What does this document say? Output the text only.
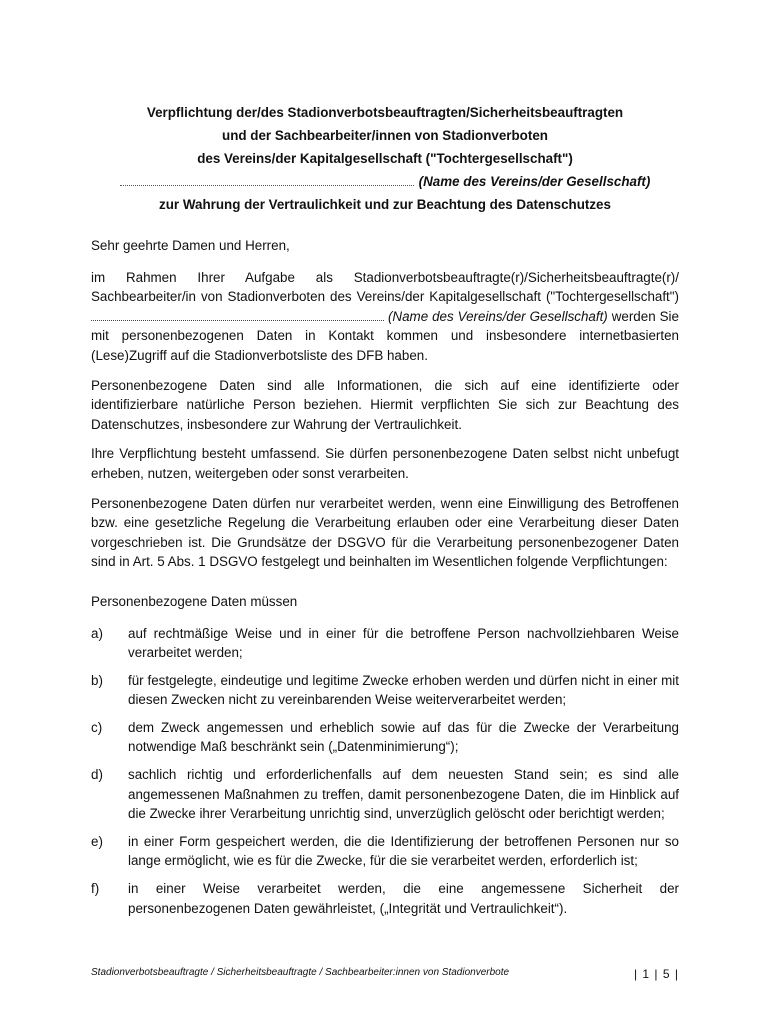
Verpflichtung der/des Stadionverbotsbeauftragten/Sicherheitsbeauftragten
und der Sachbearbeiter/innen von Stadionverboten
des Vereins/der Kapitalgesellschaft ("Tochtergesellschaft")
(Name des Vereins/der Gesellschaft)
zur Wahrung der Vertraulichkeit und zur Beachtung des Datenschutzes

Sehr geehrte Damen und Herren,

im Rahmen Ihrer Aufgabe als Stadionverbotsbeauftragte(r)/Sicherheitsbeauftragte(r)/ Sachbearbeiter/in von Stadionverboten des Vereins/der Kapitalgesellschaft ("Tochtergesellschaft")  (Name des Vereins/der Gesellschaft) werden Sie mit personenbezogenen Daten in Kontakt kommen und insbesondere internetbasierten (Lese)Zugriff auf die Stadionverbotsliste des DFB haben.

Personenbezogene Daten sind alle Informationen, die sich auf eine identifizierte oder identifizierbare natürliche Person beziehen. Hiermit verpflichten Sie sich zur Beachtung des Datenschutzes, insbesondere zur Wahrung der Vertraulichkeit.

Ihre Verpflichtung besteht umfassend. Sie dürfen personenbezogene Daten selbst nicht unbefugt erheben, nutzen, weitergeben oder sonst verarbeiten.

Personenbezogene Daten dürfen nur verarbeitet werden, wenn eine Einwilligung des Betroffenen bzw. eine gesetzliche Regelung die Verarbeitung erlauben oder eine Verarbeitung dieser Daten vorgeschrieben ist. Die Grundsätze der DSGVO für die Verarbeitung personenbezogener Daten sind in Art. 5 Abs. 1 DSGVO festgelegt und beinhalten im Wesentlichen folgende Verpflichtungen:

Personenbezogene Daten müssen

a)	auf rechtmäßige Weise und in einer für die betroffene Person nachvollziehbaren Weise verarbeitet werden;
b)	für festgelegte, eindeutige und legitime Zwecke erhoben werden und dürfen nicht in einer mit diesen Zwecken nicht zu vereinbarenden Weise weiterverarbeitet werden;
c)	dem Zweck angemessen und erheblich sowie auf das für die Zwecke der Verarbeitung notwendige Maß beschränkt sein („Datenminimierung“);
d)	sachlich richtig und erforderlichenfalls auf dem neuesten Stand sein; es sind alle angemessenen Maßnahmen zu treffen, damit personenbezogene Daten, die im Hinblick auf die Zwecke ihrer Verarbeitung unrichtig sind, unverzüglich gelöscht oder berichtigt werden;
e)	in einer Form gespeichert werden, die die Identifizierung der betroffenen Personen nur so lange ermöglicht, wie es für die Zwecke, für die sie verarbeitet werden, erforderlich ist;
f)	in einer Weise verarbeitet werden, die eine angemessene Sicherheit der personenbezogenen Daten gewährleistet, („Integrität und Vertraulichkeit“).
Stadionverbotsbeauftragte / Sicherheitsbeauftragte / Sachbearbeiter:innen von Stadionverbote	| 1 | 5 |
